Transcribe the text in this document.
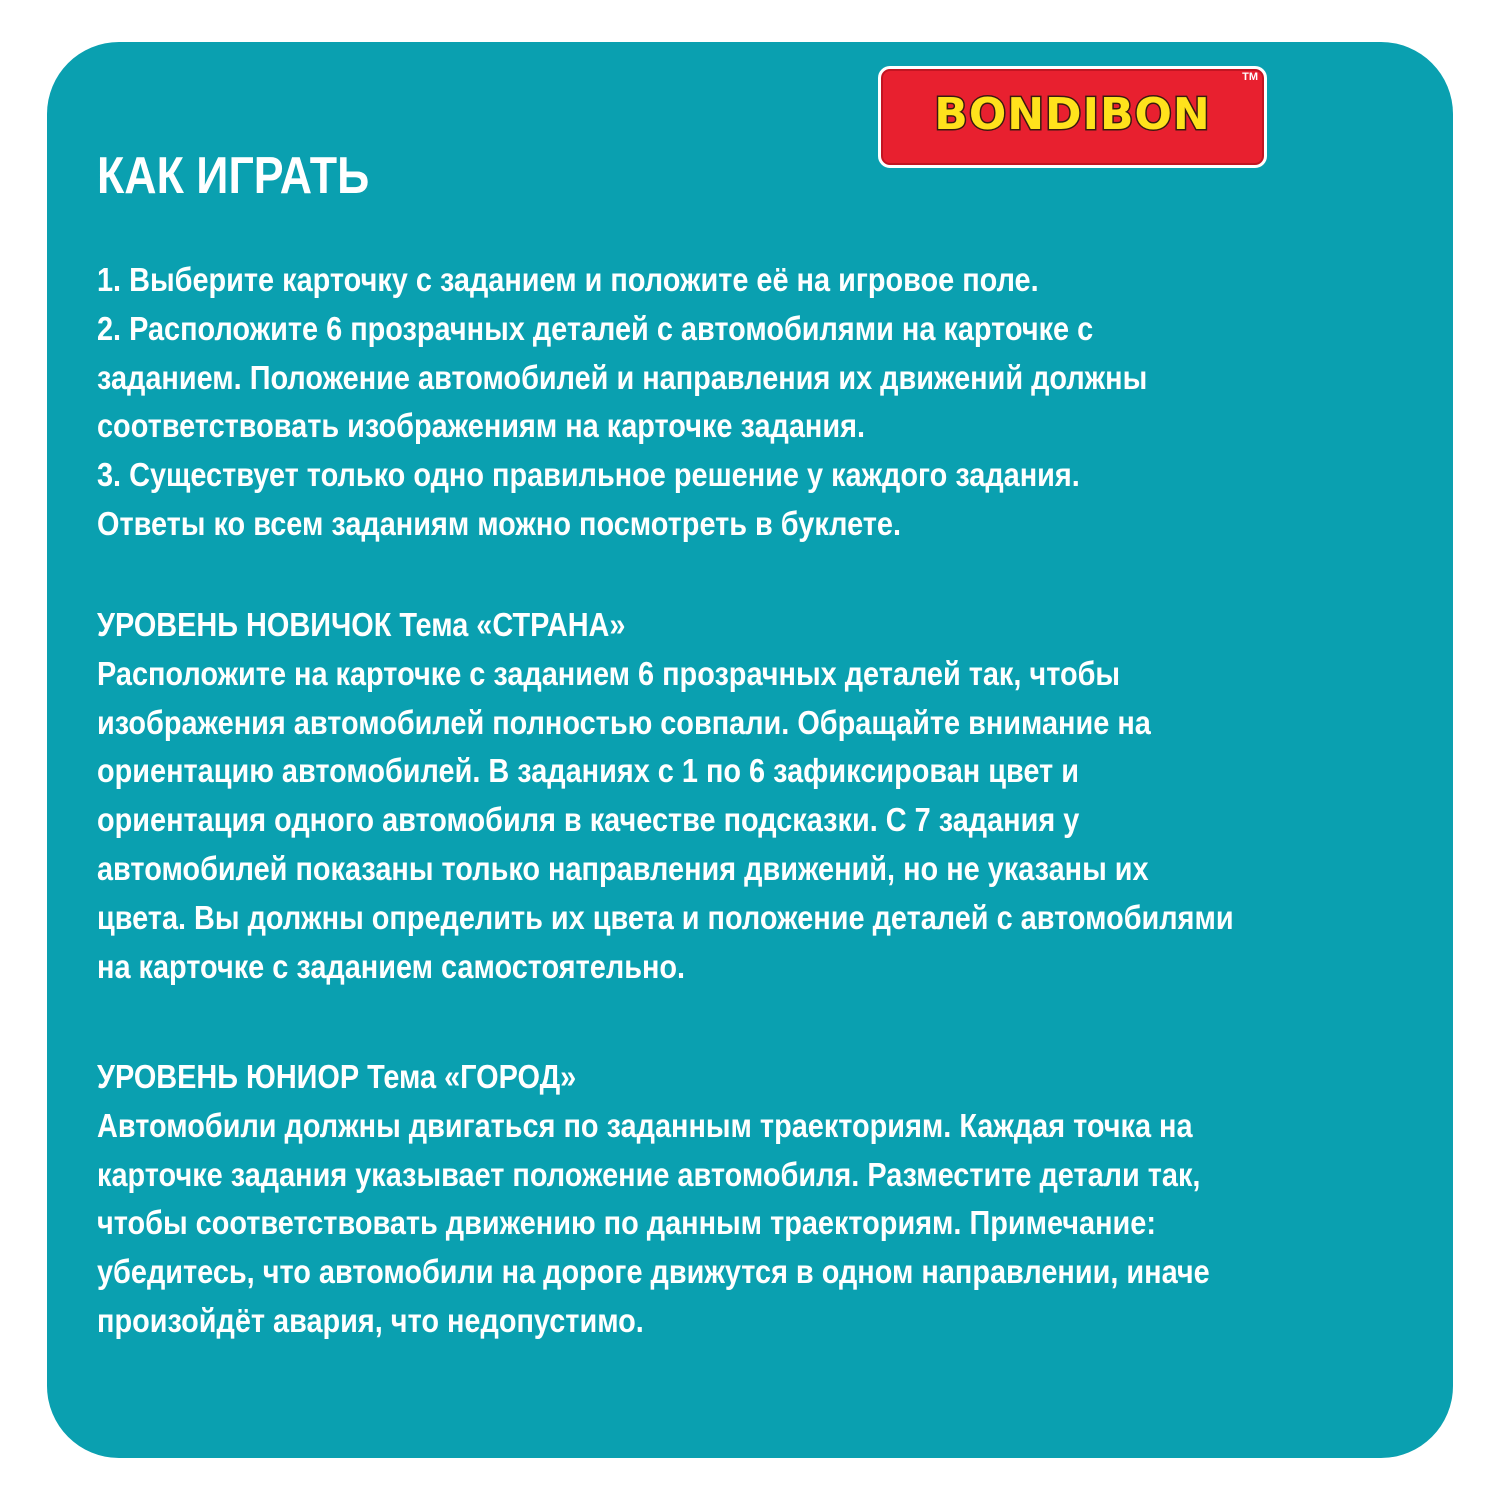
BONDIBON
TM
КАК ИГРАТЬ

1. Выберите карточку с заданием и положите её на игровое поле.

2. Расположите 6 прозрачных деталей с автомобилями на карточке с

заданием. Положение автомобилей и направления их движений должны

соответствовать изображениям на карточке задания.

3. Существует только одно правильное решение у каждого задания.

Ответы ко всем заданиям можно посмотреть в буклете.

УРОВЕНЬ НОВИЧОК Тема «СТРАНА»

Расположите на карточке с заданием 6 прозрачных деталей так, чтобы

изображения автомобилей полностью совпали. Обращайте внимание на

ориентацию автомобилей. В заданиях с 1 по 6 зафиксирован цвет и

ориентация одного автомобиля в качестве подсказки. С 7 задания у

автомобилей показаны только направления движений, но не указаны их

цвета. Вы должны определить их цвета и положение деталей с автомобилями

на карточке с заданием самостоятельно.

УРОВЕНЬ ЮНИОР Тема «ГОРОД»

Автомобили должны двигаться по заданным траекториям. Каждая точка на

карточке задания указывает положение автомобиля. Разместите детали так,

чтобы соответствовать движению по данным траекториям. Примечание:

убедитесь, что автомобили на дороге движутся в одном направлении, иначе

произойдёт авария, что недопустимо.
